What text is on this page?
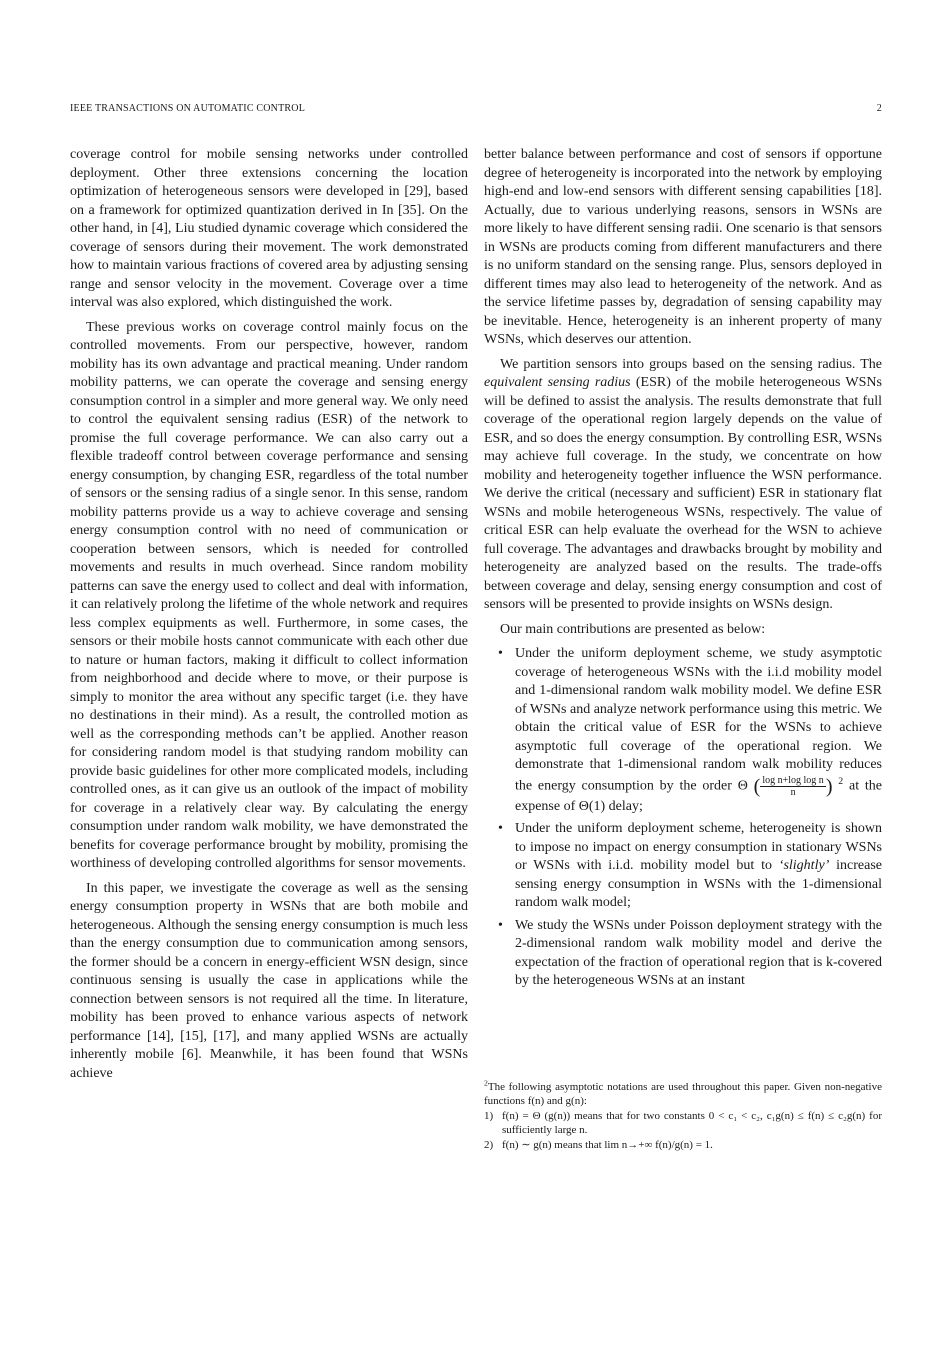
IEEE TRANSACTIONS ON AUTOMATIC CONTROL	2

coverage control for mobile sensing networks under controlled deployment. Other three extensions concerning the location optimization of heterogeneous sensors were developed in [29], based on a framework for optimized quantization derived in In [35]. On the other hand, in [4], Liu studied dynamic coverage which considered the coverage of sensors during their movement. The work demonstrated how to maintain various fractions of covered area by adjusting sensing range and sensor velocity in the movement. Coverage over a time interval was also explored, which distinguished the work.

These previous works on coverage control mainly focus on the controlled movements. From our perspective, however, random mobility has its own advantage and practical meaning. Under random mobility patterns, we can operate the coverage and sensing energy consumption control in a simpler and more general way. We only need to control the equivalent sensing radius (ESR) of the network to promise the full coverage performance. We can also carry out a flexible tradeoff control between coverage performance and sensing energy consumption, by changing ESR, regardless of the total number of sensors or the sensing radius of a single senor. In this sense, random mobility patterns provide us a way to achieve coverage and sensing energy consumption control with no need of communication or cooperation between sensors, which is needed for controlled movements and results in much overhead. Since random mobility patterns can save the energy used to collect and deal with information, it can relatively prolong the lifetime of the whole network and requires less complex equipments as well. Furthermore, in some cases, the sensors or their mobile hosts cannot communicate with each other due to nature or human factors, making it difficult to collect information from neighborhood and decide where to move, or their purpose is simply to monitor the area without any specific target (i.e. they have no destinations in their mind). As a result, the controlled motion as well as the corresponding methods can’t be applied. Another reason for considering random model is that studying random mobility can provide basic guidelines for other more complicated models, including controlled ones, as it can give us an outlook of the impact of mobility for coverage in a relatively clear way. By calculating the energy consumption under random walk mobility, we have demonstrated the benefits for coverage performance brought by mobility, promising the worthiness of developing controlled algorithms for sensor movements.

In this paper, we investigate the coverage as well as the sensing energy consumption property in WSNs that are both mobile and heterogeneous. Although the sensing energy consumption is much less than the energy consumption due to communication among sensors, the former should be a concern in energy-efficient WSN design, since continuous sensing is usually the case in applications while the connection between sensors is not required all the time. In literature, mobility has been proved to enhance various aspects of network performance [14], [15], [17], and many applied WSNs are actually inherently mobile [6]. Meanwhile, it has been found that WSNs achieve

better balance between performance and cost of sensors if opportune degree of heterogeneity is incorporated into the network by employing high-end and low-end sensors with different sensing capabilities [18]. Actually, due to various underlying reasons, sensors in WSNs are more likely to have different sensing radii. One scenario is that sensors in WSNs are products coming from different manufacturers and there is no uniform standard on the sensing range. Plus, sensors deployed in different times may also lead to heterogeneity of the network. And as the service lifetime passes by, degradation of sensing capability may be inevitable. Hence, heterogeneity is an inherent property of many WSNs, which deserves our attention.

We partition sensors into groups based on the sensing radius. The equivalent sensing radius (ESR) of the mobile heterogeneous WSNs will be defined to assist the analysis. The results demonstrate that full coverage of the operational region largely depends on the value of ESR, and so does the energy consumption. By controlling ESR, WSNs may achieve full coverage. In the study, we concentrate on how mobility and heterogeneity together influence the WSN performance. We derive the critical (necessary and sufficient) ESR in stationary flat WSNs and mobile heterogeneous WSNs, respectively. The value of critical ESR can help evaluate the overhead for the WSN to achieve full coverage. The advantages and drawbacks brought by mobility and heterogeneity are analyzed based on the results. The trade-offs between coverage and delay, sensing energy consumption and cost of sensors will be presented to provide insights on WSNs design.

Our main contributions are presented as below:

• Under the uniform deployment scheme, we study asymptotic coverage of heterogeneous WSNs with the i.i.d mobility model and 1-dimensional random walk mobility model. We define ESR of WSNs and analyze network performance using this metric. We obtain the critical value of ESR for the WSNs to achieve asymptotic full coverage of the operational region. We demonstrate that 1-dimensional random walk mobility reduces the energy consumption by the order Θ ( $\frac{\text{log n+log log n}}{n}$ ) $^2$ at the expense of Θ(1) delay;
• Under the uniform deployment scheme, heterogeneity is shown to impose no impact on energy consumption in stationary WSNs or WSNs with i.i.d. mobility model but to ‘slightly’ increase sensing energy consumption in WSNs with the 1-dimensional random walk model;
• We study the WSNs under Poisson deployment strategy with the 2-dimensional random walk mobility model and derive the expectation of the fraction of operational region that is k-covered by the heterogeneous WSNs at an instant

$^2$The following asymptotic notations are used throughout this paper. Given non-negative functions f(n) and g(n):

1) f(n) = Θ (g(n)) means that for two constants 0 < c₁ < c₂, c₁g(n) ≤ f(n) ≤ c₂g(n) for sufficiently large n.
2) f(n) ∼ g(n) means that lim n→+∞ f(n)/g(n) = 1.
